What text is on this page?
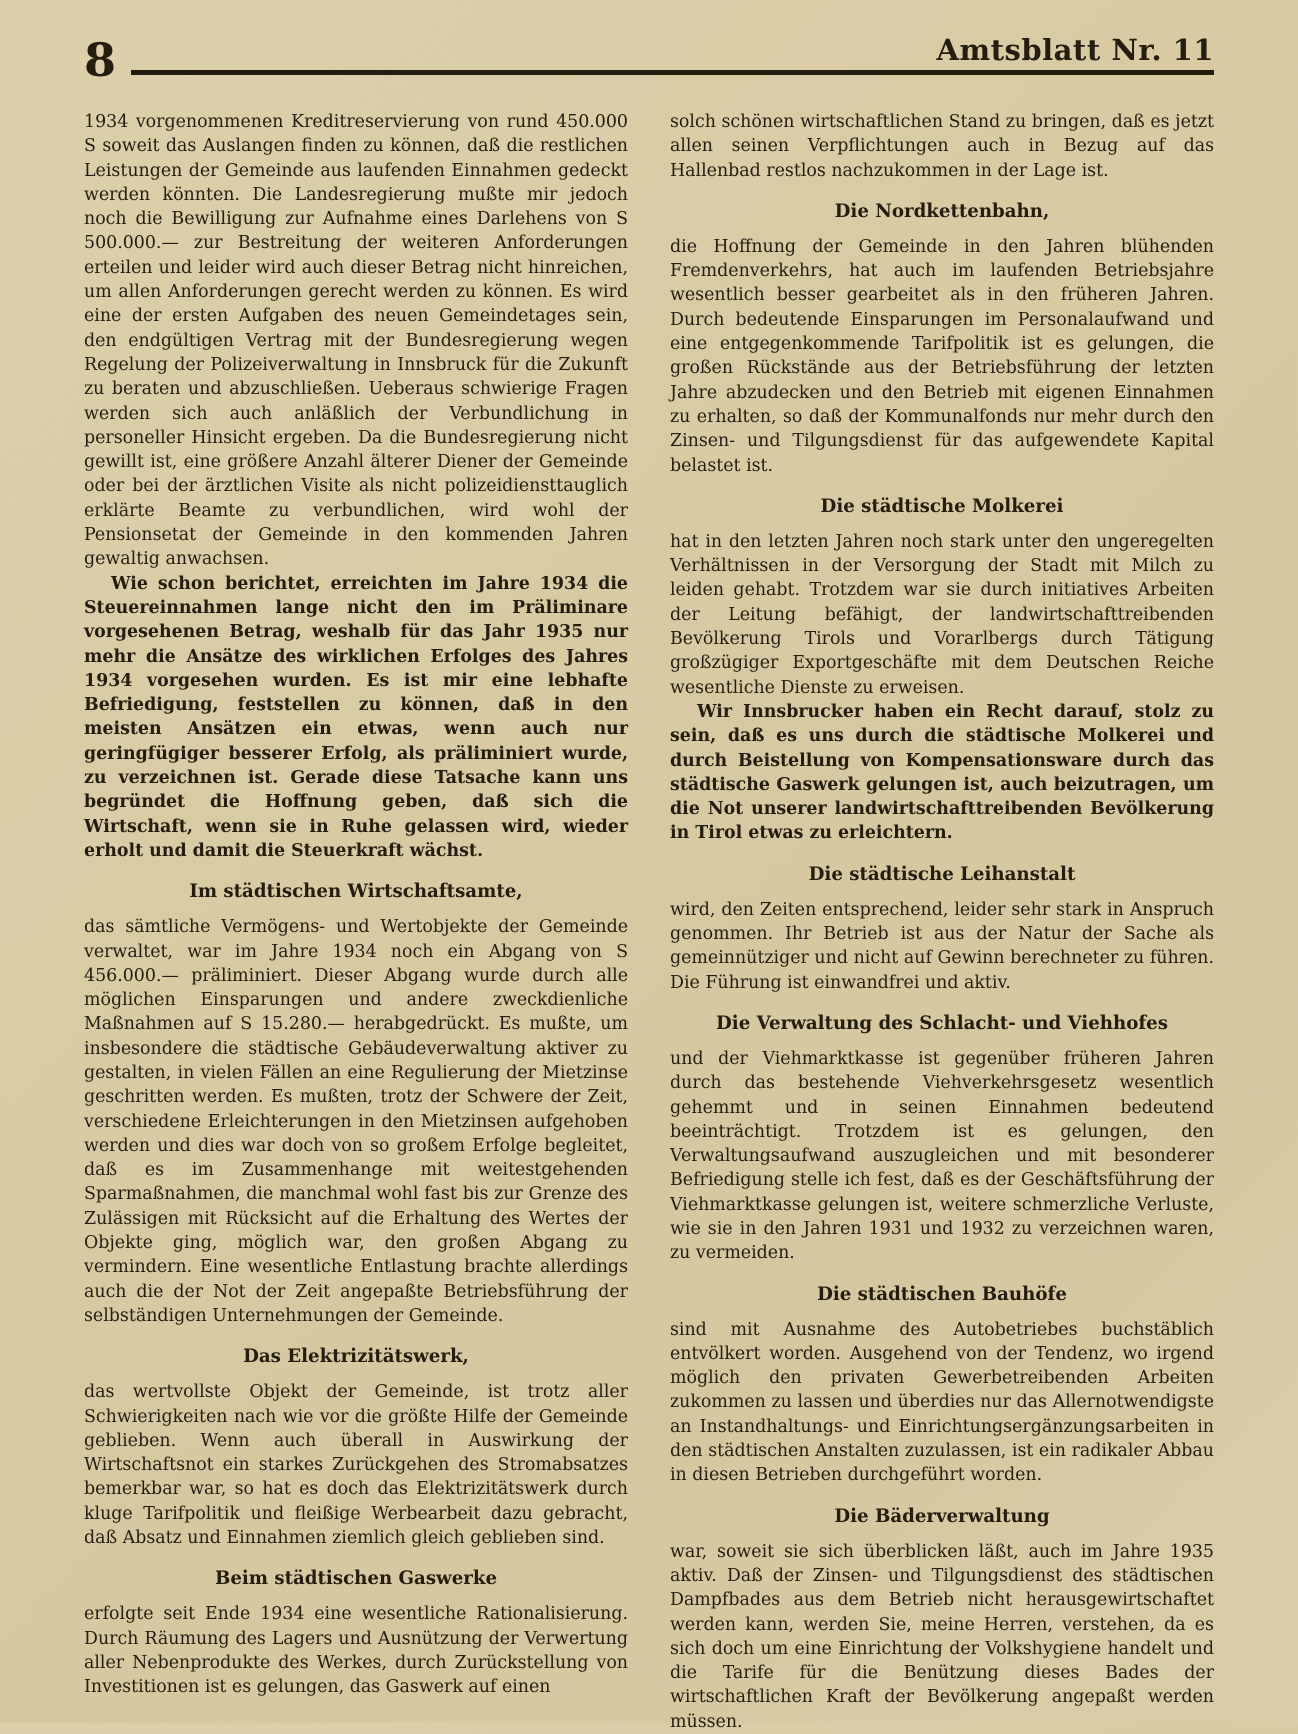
8	Amtsblatt Nr. 11

1934 vorgenommenen Kreditreservierung von rund 450.000 S soweit das Auslangen finden zu können, daß die restlichen Leistungen der Gemeinde aus laufenden Einnahmen gedeckt werden könnten. Die Landesregierung mußte mir jedoch noch die Bewilligung zur Aufnahme eines Darlehens von S 500.000.— zur Bestreitung der weiteren Anforderungen erteilen und leider wird auch dieser Betrag nicht hinreichen, um allen Anforderungen gerecht werden zu können. Es wird eine der ersten Aufgaben des neuen Gemeindetages sein, den endgültigen Vertrag mit der Bundesregierung wegen Regelung der Polizeiverwaltung in Innsbruck für die Zukunft zu beraten und abzuschließen. Ueberaus schwierige Fragen werden sich auch anläßlich der Verbundlichung in personeller Hinsicht ergeben. Da die Bundesregierung nicht gewillt ist, eine größere Anzahl älterer Diener der Gemeinde oder bei der ärztlichen Visite als nicht polizeidiensttauglich erklärte Beamte zu verbundlichen, wird wohl der Pensionsetat der Gemeinde in den kommenden Jahren gewaltig anwachsen.

Wie schon berichtet, erreichten im Jahre 1934 die Steuereinnahmen lange nicht den im Präliminare vorgesehenen Betrag, weshalb für das Jahr 1935 nur mehr die Ansätze des wirklichen Erfolges des Jahres 1934 vorgesehen wurden. Es ist mir eine lebhafte Befriedigung, feststellen zu können, daß in den meisten Ansätzen ein etwas, wenn auch nur geringfügiger besserer Erfolg, als präliminiert wurde, zu verzeichnen ist. Gerade diese Tatsache kann uns begründet die Hoffnung geben, daß sich die Wirtschaft, wenn sie in Ruhe gelassen wird, wieder erholt und damit die Steuerkraft wächst.

Im städtischen Wirtschaftsamte,

das sämtliche Vermögens- und Wertobjekte der Gemeinde verwaltet, war im Jahre 1934 noch ein Abgang von S 456.000.— präliminiert. Dieser Abgang wurde durch alle möglichen Einsparungen und andere zweckdienliche Maßnahmen auf S 15.280.— herabgedrückt. Es mußte, um insbesondere die städtische Gebäudeverwaltung aktiver zu gestalten, in vielen Fällen an eine Regulierung der Mietzinse geschritten werden. Es mußten, trotz der Schwere der Zeit, verschiedene Erleichterungen in den Mietzinsen aufgehoben werden und dies war doch von so großem Erfolge begleitet, daß es im Zusammenhange mit weitestgehenden Sparmaßnahmen, die manchmal wohl fast bis zur Grenze des Zulässigen mit Rücksicht auf die Erhaltung des Wertes der Objekte ging, möglich war, den großen Abgang zu vermindern. Eine wesentliche Entlastung brachte allerdings auch die der Not der Zeit angepaßte Betriebsführung der selbständigen Unternehmungen der Gemeinde.

Das Elektrizitätswerk,

das wertvollste Objekt der Gemeinde, ist trotz aller Schwierigkeiten nach wie vor die größte Hilfe der Gemeinde geblieben. Wenn auch überall in Auswirkung der Wirtschaftsnot ein starkes Zurückgehen des Stromabsatzes bemerkbar war, so hat es doch das Elektrizitätswerk durch kluge Tarifpolitik und fleißige Werbearbeit dazu gebracht, daß Absatz und Einnahmen ziemlich gleich geblieben sind.

Beim städtischen Gaswerke

erfolgte seit Ende 1934 eine wesentliche Rationalisierung. Durch Räumung des Lagers und Ausnützung der Verwertung aller Nebenprodukte des Werkes, durch Zurückstellung von Investitionen ist es gelungen, das Gaswerk auf einen

solch schönen wirtschaftlichen Stand zu bringen, daß es jetzt allen seinen Verpflichtungen auch in Bezug auf das Hallenbad restlos nachzukommen in der Lage ist.

Die Nordkettenbahn,

die Hoffnung der Gemeinde in den Jahren blühenden Fremdenverkehrs, hat auch im laufenden Betriebsjahre wesentlich besser gearbeitet als in den früheren Jahren. Durch bedeutende Einsparungen im Personalaufwand und eine entgegenkommende Tarifpolitik ist es gelungen, die großen Rückstände aus der Betriebsführung der letzten Jahre abzudecken und den Betrieb mit eigenen Einnahmen zu erhalten, so daß der Kommunalfonds nur mehr durch den Zinsen- und Tilgungsdienst für das aufgewendete Kapital belastet ist.

Die städtische Molkerei

hat in den letzten Jahren noch stark unter den ungeregelten Verhältnissen in der Versorgung der Stadt mit Milch zu leiden gehabt. Trotzdem war sie durch initiatives Arbeiten der Leitung befähigt, der landwirtschafttreibenden Bevölkerung Tirols und Vorarlbergs durch Tätigung großzügiger Exportgeschäfte mit dem Deutschen Reiche wesentliche Dienste zu erweisen.

Wir Innsbrucker haben ein Recht darauf, stolz zu sein, daß es uns durch die städtische Molkerei und durch Beistellung von Kompensationsware durch das städtische Gaswerk gelungen ist, auch beizutragen, um die Not unserer landwirtschafttreibenden Bevölkerung in Tirol etwas zu erleichtern.

Die städtische Leihanstalt

wird, den Zeiten entsprechend, leider sehr stark in Anspruch genommen. Ihr Betrieb ist aus der Natur der Sache als gemeinnütziger und nicht auf Gewinn berechneter zu führen. Die Führung ist einwandfrei und aktiv.

Die Verwaltung des Schlacht- und Viehhofes

und der Viehmarktkasse ist gegenüber früheren Jahren durch das bestehende Viehverkehrsgesetz wesentlich gehemmt und in seinen Einnahmen bedeutend beeinträchtigt. Trotzdem ist es gelungen, den Verwaltungsaufwand auszugleichen und mit besonderer Befriedigung stelle ich fest, daß es der Geschäftsführung der Viehmarktkasse gelungen ist, weitere schmerzliche Verluste, wie sie in den Jahren 1931 und 1932 zu verzeichnen waren, zu vermeiden.

Die städtischen Bauhöfe

sind mit Ausnahme des Autobetriebes buchstäblich entvölkert worden. Ausgehend von der Tendenz, wo irgend möglich den privaten Gewerbetreibenden Arbeiten zukommen zu lassen und überdies nur das Allernotwendigste an Instandhaltungs- und Einrichtungsergänzungsarbeiten in den städtischen Anstalten zuzulassen, ist ein radikaler Abbau in diesen Betrieben durchgeführt worden.

Die Bäderverwaltung

war, soweit sie sich überblicken läßt, auch im Jahre 1935 aktiv. Daß der Zinsen- und Tilgungsdienst des städtischen Dampfbades aus dem Betrieb nicht herausgewirtschaftet werden kann, werden Sie, meine Herren, verstehen, da es sich doch um eine Einrichtung der Volkshygiene handelt und die Tarife für die Benützung dieses Bades der wirtschaftlichen Kraft der Bevölkerung angepaßt werden müssen.
